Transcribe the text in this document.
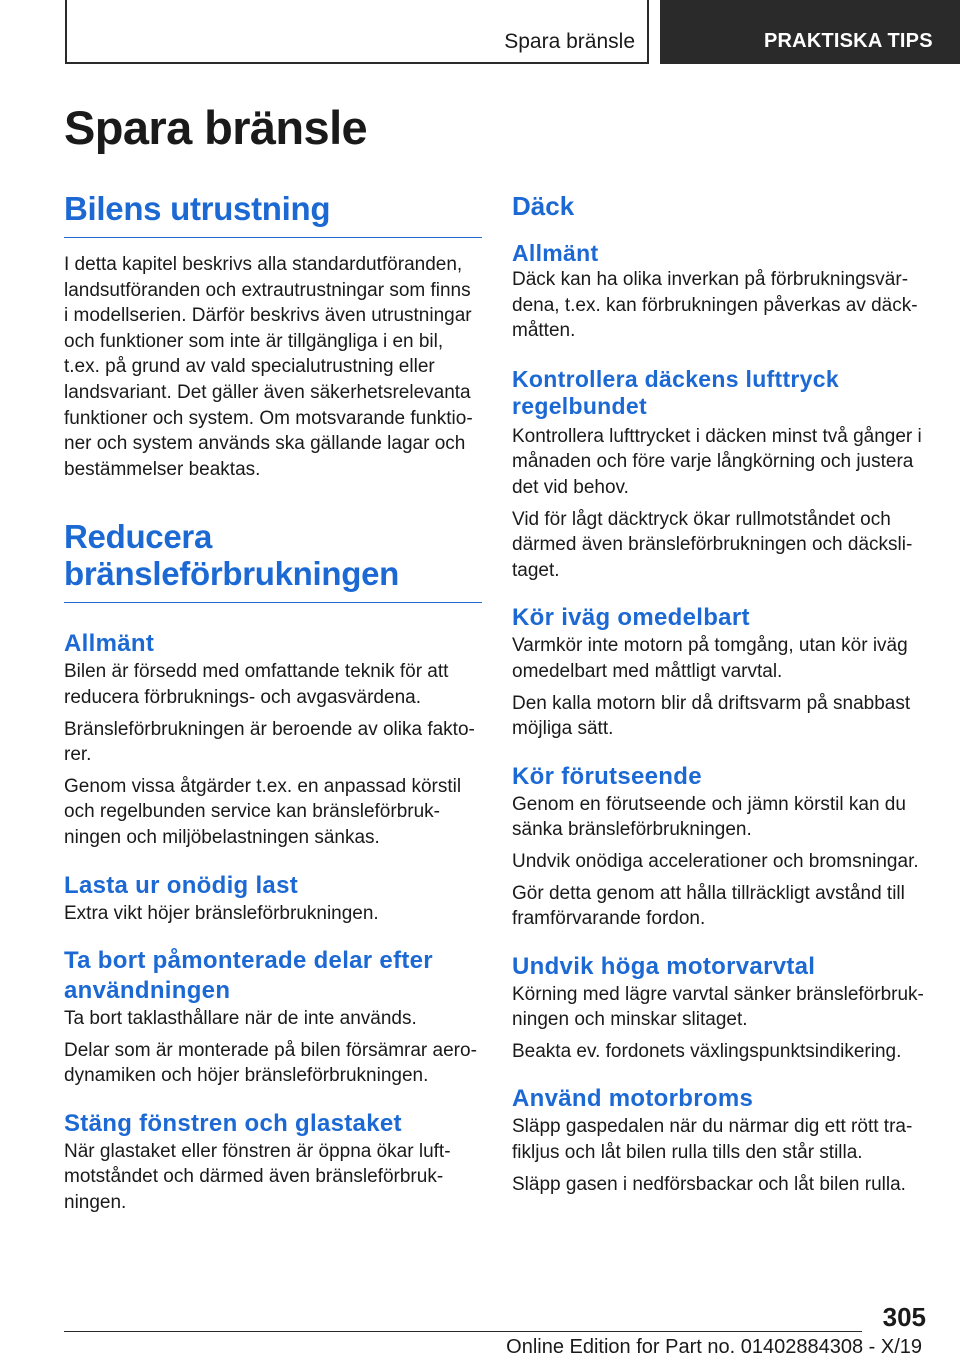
Spara bränsle	PRAKTISKA TIPS
Spara bränsle
Bilens utrustning

I detta kapitel beskrivs alla standardutföranden,
landsutföranden och extrautrustningar som finns
i modellserien. Därför beskrivs även utrustningar
och funktioner som inte är tillgängliga i en bil,
t.ex. på grund av vald specialutrustning eller
landsvariant. Det gäller även säkerhetsrelevanta
funktioner och system. Om motsvarande funktio-
ner och system används ska gällande lagar och
bestämmelser beaktas.

Reducera
bränsleförbrukningen
Allmänt

Bilen är försedd med omfattande teknik för att
reducera förbruknings- och avgasvärdena.

Bränsleförbrukningen är beroende av olika fakto-
rer.

Genom vissa åtgärder t.ex. en anpassad körstil
och regelbunden service kan bränsleförbruk-
ningen och miljöbelastningen sänkas.

Lasta ur onödig last

Extra vikt höjer bränsleförbrukningen.

Ta bort påmonterade delar efter
användningen

Ta bort taklasthållare när de inte används.

Delar som är monterade på bilen försämrar aero-
dynamiken och höjer bränsleförbrukningen.

Stäng fönstren och glastaket

När glastaket eller fönstren är öppna ökar luft-
motståndet och därmed även bränsleförbruk-
ningen.

Däck
Allmänt

Däck kan ha olika inverkan på förbrukningsvär-
dena, t.ex. kan förbrukningen påverkas av däck-
måtten.

Kontrollera däckens lufttryck
regelbundet

Kontrollera lufttrycket i däcken minst två gånger i
månaden och före varje långkörning och justera
det vid behov.

Vid för lågt däcktryck ökar rullmotståndet och
därmed även bränsleförbrukningen och däcksli-
taget.

Kör iväg omedelbart

Varmkör inte motorn på tomgång, utan kör iväg
omedelbart med måttligt varvtal.

Den kalla motorn blir då driftsvarm på snabbast
möjliga sätt.

Kör förutseende

Genom en förutseende och jämn körstil kan du
sänka bränsleförbrukningen.

Undvik onödiga accelerationer och bromsningar.

Gör detta genom att hålla tillräckligt avstånd till
framförvarande fordon.

Undvik höga motorvarvtal

Körning med lägre varvtal sänker bränsleförbruk-
ningen och minskar slitaget.

Beakta ev. fordonets växlingspunktsindikering.

Använd motorbroms

Släpp gaspedalen när du närmar dig ett rött tra-
fikljus och låt bilen rulla tills den står stilla.

Släpp gasen i nedförsbackar och låt bilen rulla.

305
Online Edition for Part no. 01402884308 - X/19
